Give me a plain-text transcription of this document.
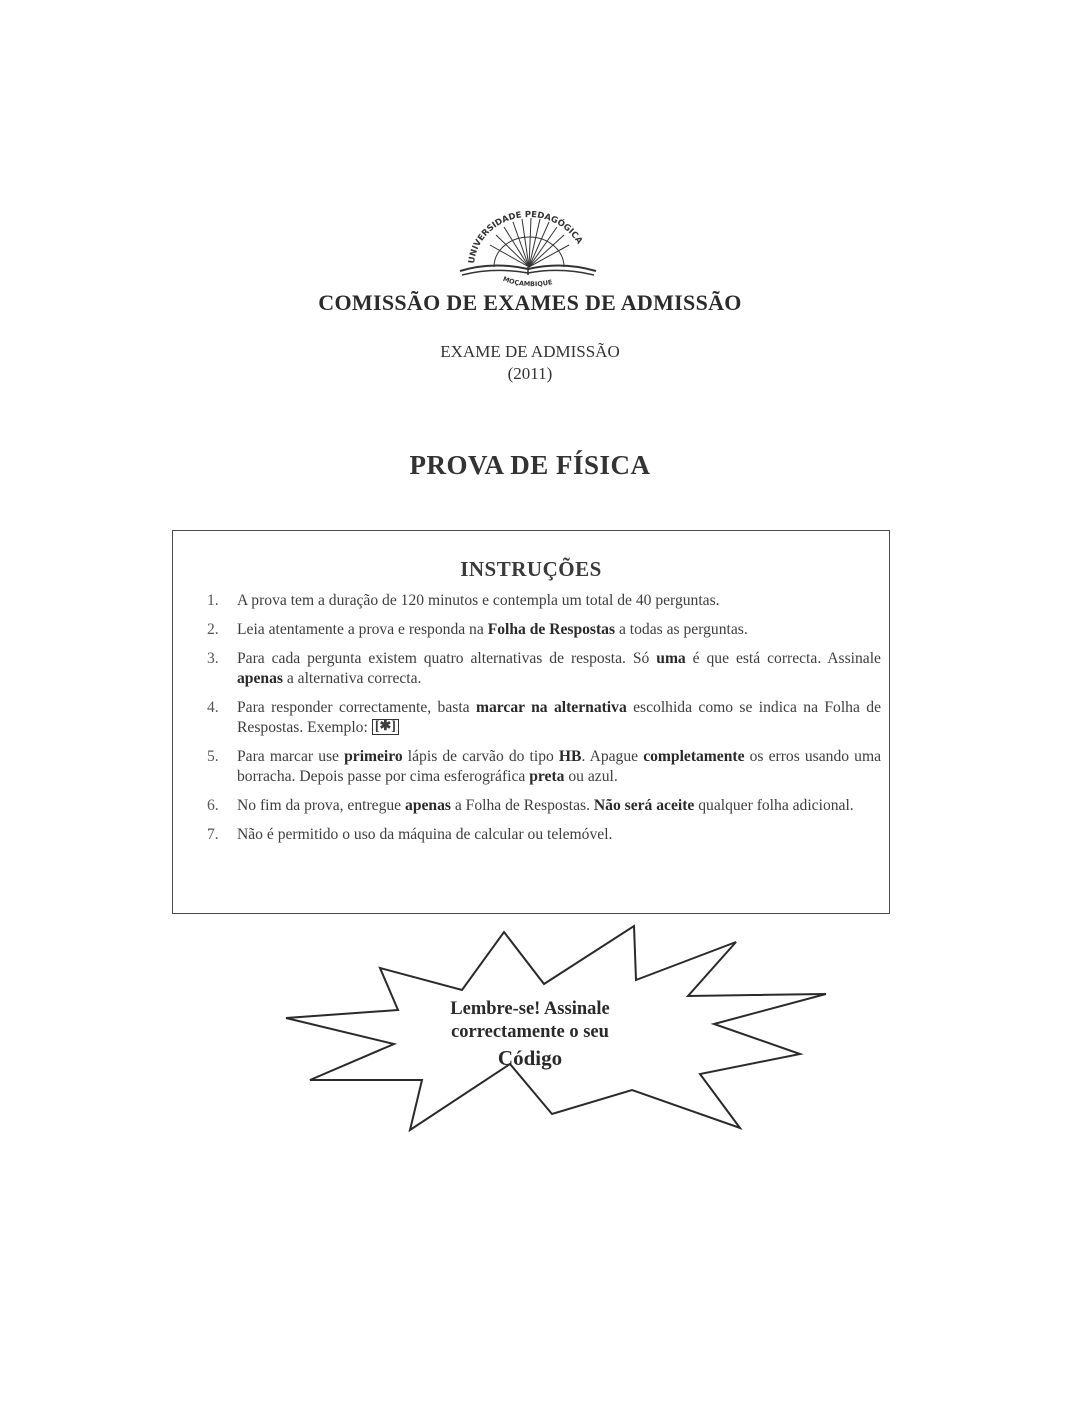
UNIVERSIDADE PEDAGÓGICA
MOÇAMBIQUE
COMISSÃO DE EXAMES DE ADMISSÃO
EXAME DE ADMISSÃO
(2011)
PROVA DE FÍSICA
INSTRUÇÕES
1. A prova tem a duração de 120 minutos e contempla um total de 40 perguntas.
2. Leia atentamente a prova e responda na Folha de Respostas a todas as perguntas.
3. Para cada pergunta existem quatro alternativas de resposta. Só uma é que está correcta. Assinale apenas a alternativa correcta.
4. Para responder correctamente, basta marcar na alternativa escolhida como se indica na Folha de Respostas. Exemplo: [✱]
5. Para marcar use primeiro lápis de carvão do tipo HB. Apague completamente os erros usando uma borracha. Depois passe por cima esferográfica preta ou azul.
6. No fim da prova, entregue apenas a Folha de Respostas. Não será aceite qualquer folha adicional.
7. Não é permitido o uso da máquina de calcular ou telemóvel.
Lembre-se! Assinale
correctamente o seu
Código
